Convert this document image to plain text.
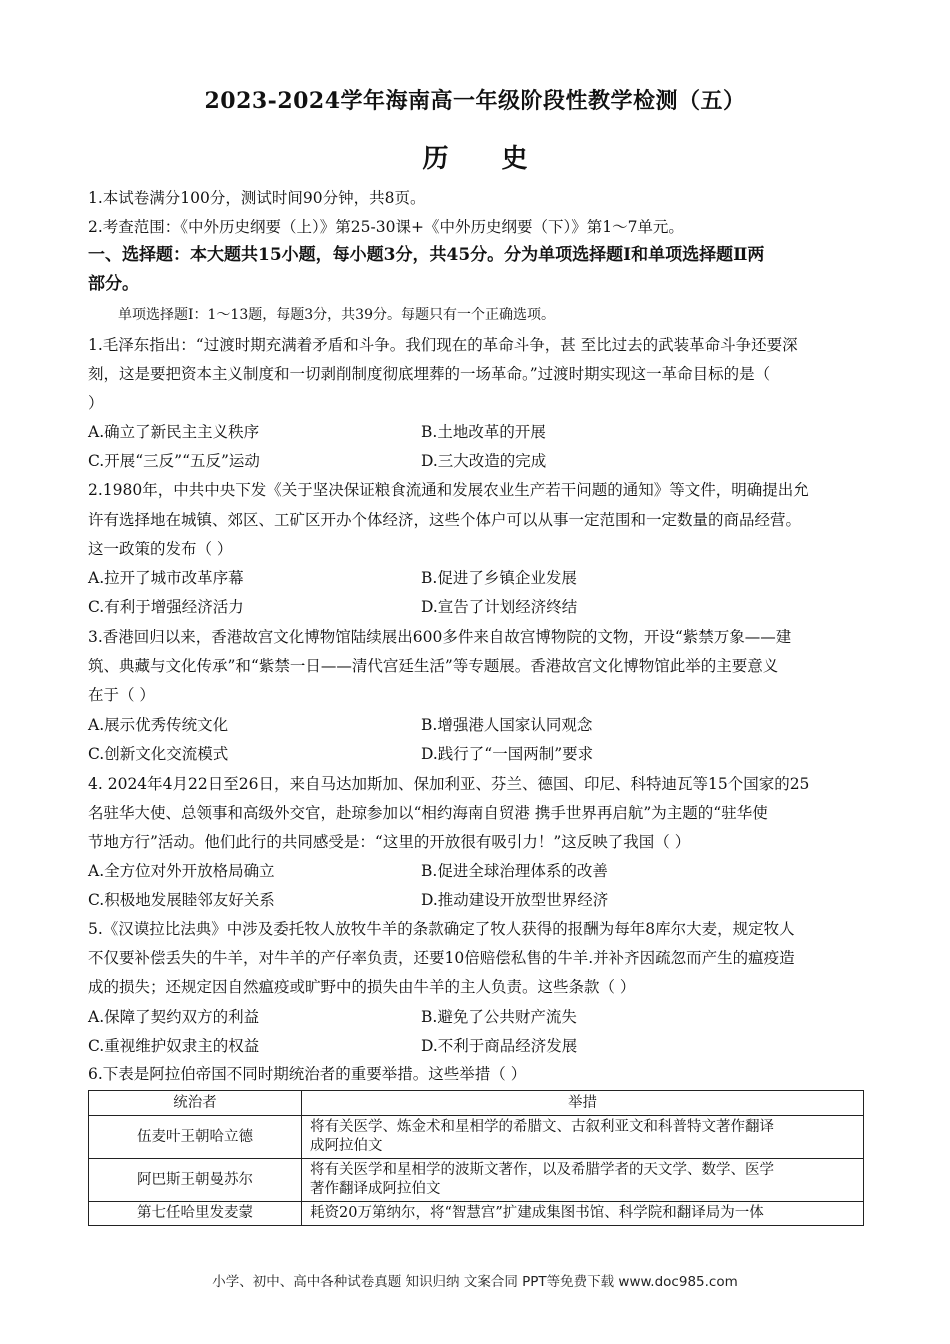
2023-2024学年海南高一年级阶段性教学检测（五）
历 史
1.本试卷满分100分，测试时间90分钟，共8页。
2.考查范围：《中外历史纲要（上）》第25-30课+《中外历史纲要（下）》第1～7单元。
一、选择题：本大题共15小题，每小题3分，共45分。分为单项选择题Ⅰ和单项选择题Ⅱ两
部分。
单项选择题Ⅰ：1～13题，每题3分，共39分。每题只有一个正确选项。
1.毛泽东指出：“过渡时期充满着矛盾和斗争。我们现在的革命斗争，甚 至比过去的武装革命斗争还要深
刻，这是要把资本主义制度和一切剥削制度彻底埋葬的一场革命。”过渡时期实现这一革命目标的是（
）
A.确立了新民主主义秩序	B.土地改革的开展
C.开展“三反”“五反”运动	D.三大改造的完成
2.1980年，中共中央下发《关于坚决保证粮食流通和发展农业生产若干问题的通知》等文件，明确提出允
许有选择地在城镇、郊区、工矿区开办个体经济，这些个体户可以从事一定范围和一定数量的商品经营。
这一政策的发布（ ）
A.拉开了城市改革序幕	B.促进了乡镇企业发展
C.有利于增强经济活力	D.宣告了计划经济终结
3.香港回归以来，香港故宫文化博物馆陆续展出600多件来自故宫博物院的文物，开设“紫禁万象——建
筑、典藏与文化传承”和“紫禁一日——清代宫廷生活”等专题展。香港故宫文化博物馆此举的主要意义
在于（ ）
A.展示优秀传统文化	B.增强港人国家认同观念
C.创新文化交流模式	D.践行了“一国两制”要求
4. 2024年4月22日至26日，来自马达加斯加、保加利亚、芬兰、德国、印尼、科特迪瓦等15个国家的25
名驻华大使、总领事和高级外交官，赴琼参加以“相约海南自贸港 携手世界再启航”为主题的“驻华使
节地方行”活动。他们此行的共同感受是：“这里的开放很有吸引力！”这反映了我国（ ）
A.全方位对外开放格局确立	B.促进全球治理体系的改善
C.积极地发展睦邻友好关系	D.推动建设开放型世界经济
5.《汉谟拉比法典》中涉及委托牧人放牧牛羊的条款确定了牧人获得的报酬为每年8库尔大麦，规定牧人
不仅要补偿丢失的牛羊，对牛羊的产仔率负责，还要10倍赔偿私售的牛羊.并补齐因疏忽而产生的瘟疫造
成的损失；还规定因自然瘟疫或旷野中的损失由牛羊的主人负责。这些条款（ ）
A.保障了契约双方的利益	B.避免了公共财产流失
C.重视维护奴隶主的权益	D.不利于商品经济发展
6.下表是阿拉伯帝国不同时期统治者的重要举措。这些举措（ ）
统治者	举措
伍麦叶王朝哈立德	将有关医学、炼金术和星相学的希腊文、古叙利亚文和科普特文著作翻译
成阿拉伯文

阿巴斯王朝曼苏尔	将有关医学和星相学的波斯文著作，以及希腊学者的天文学、数学、医学
著作翻译成阿拉伯文

第七任哈里发麦蒙	耗资20万第纳尔，将“智慧宫”扩建成集图书馆、科学院和翻译局为一体
小学、初中、高中各种试卷真题 知识归纳 文案合同 PPT等免费下载 www.doc985.com
